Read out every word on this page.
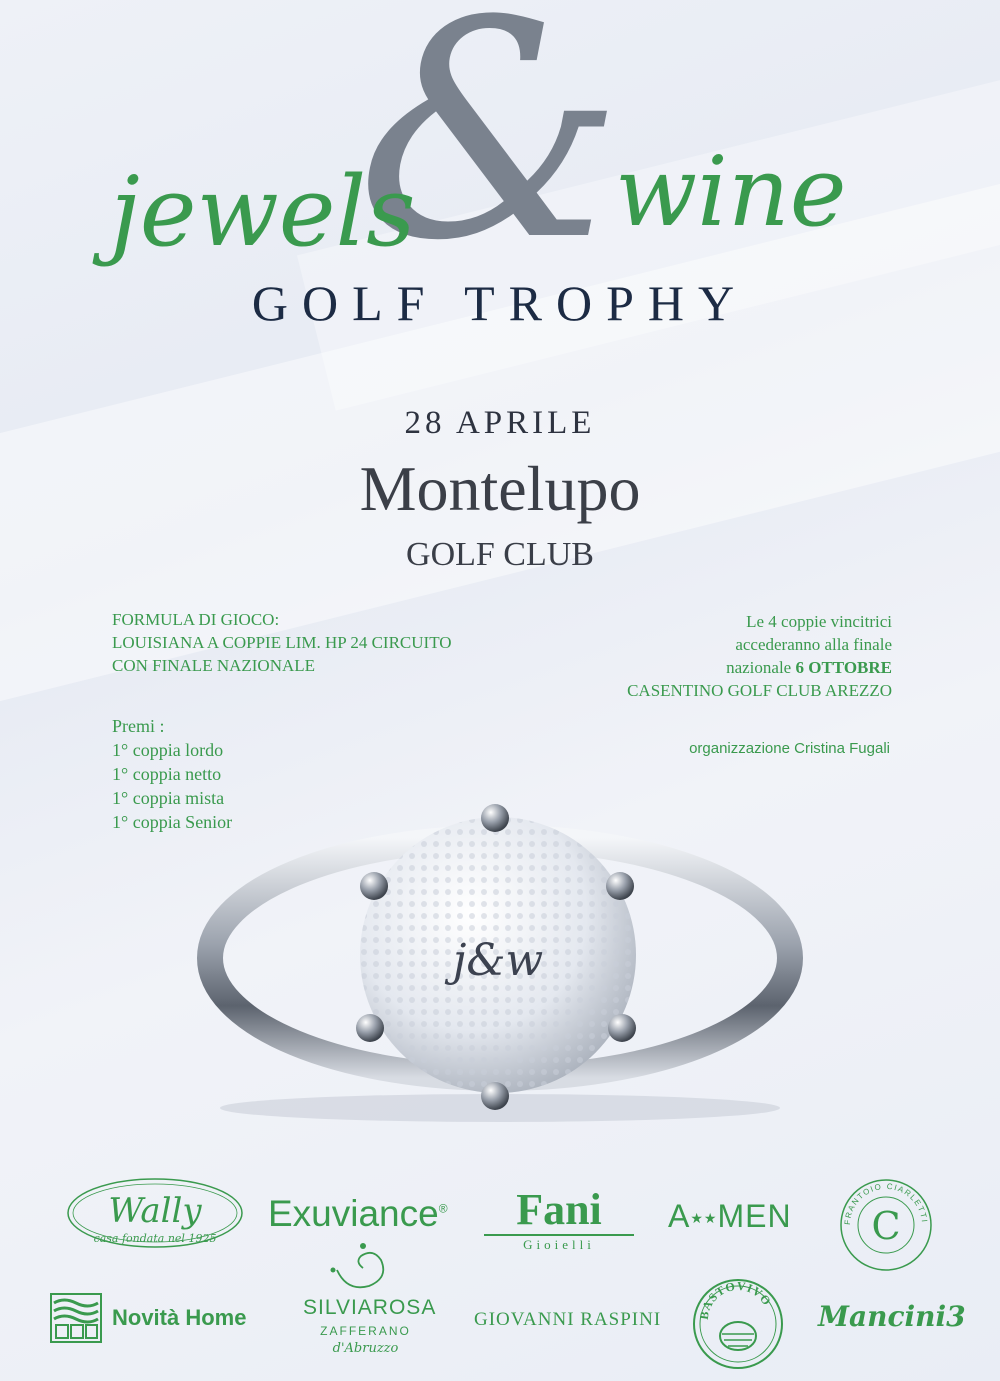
&
jewels wine
GOLF TROPHY
28 APRILE
Montelupo
GOLF CLUB
FORMULA DI GIOCO:
LOUISIANA A COPPIE LIM. HP 24 CIRCUITO
CON FINALE NAZIONALE
Le 4 coppie vincitrici
accederanno alla finale
nazionale 6 OTTOBRE
CASENTINO GOLF CLUB AREZZO
organizzazione Cristina Fugali
Premi :
1° coppia lordo
1° coppia netto
1° coppia mista
1° coppia Senior
j&w
Wally
casa fondata nel 1925
Exuviance®	Fani
Gioielli
A★★MEN	FRANTOIO CIARLETTI
C
Novità Home	SILVIAROSA
ZAFFERANO
d'Abruzzo
GIOVANNI RASPINI	BASTOVIVO Mancini3
